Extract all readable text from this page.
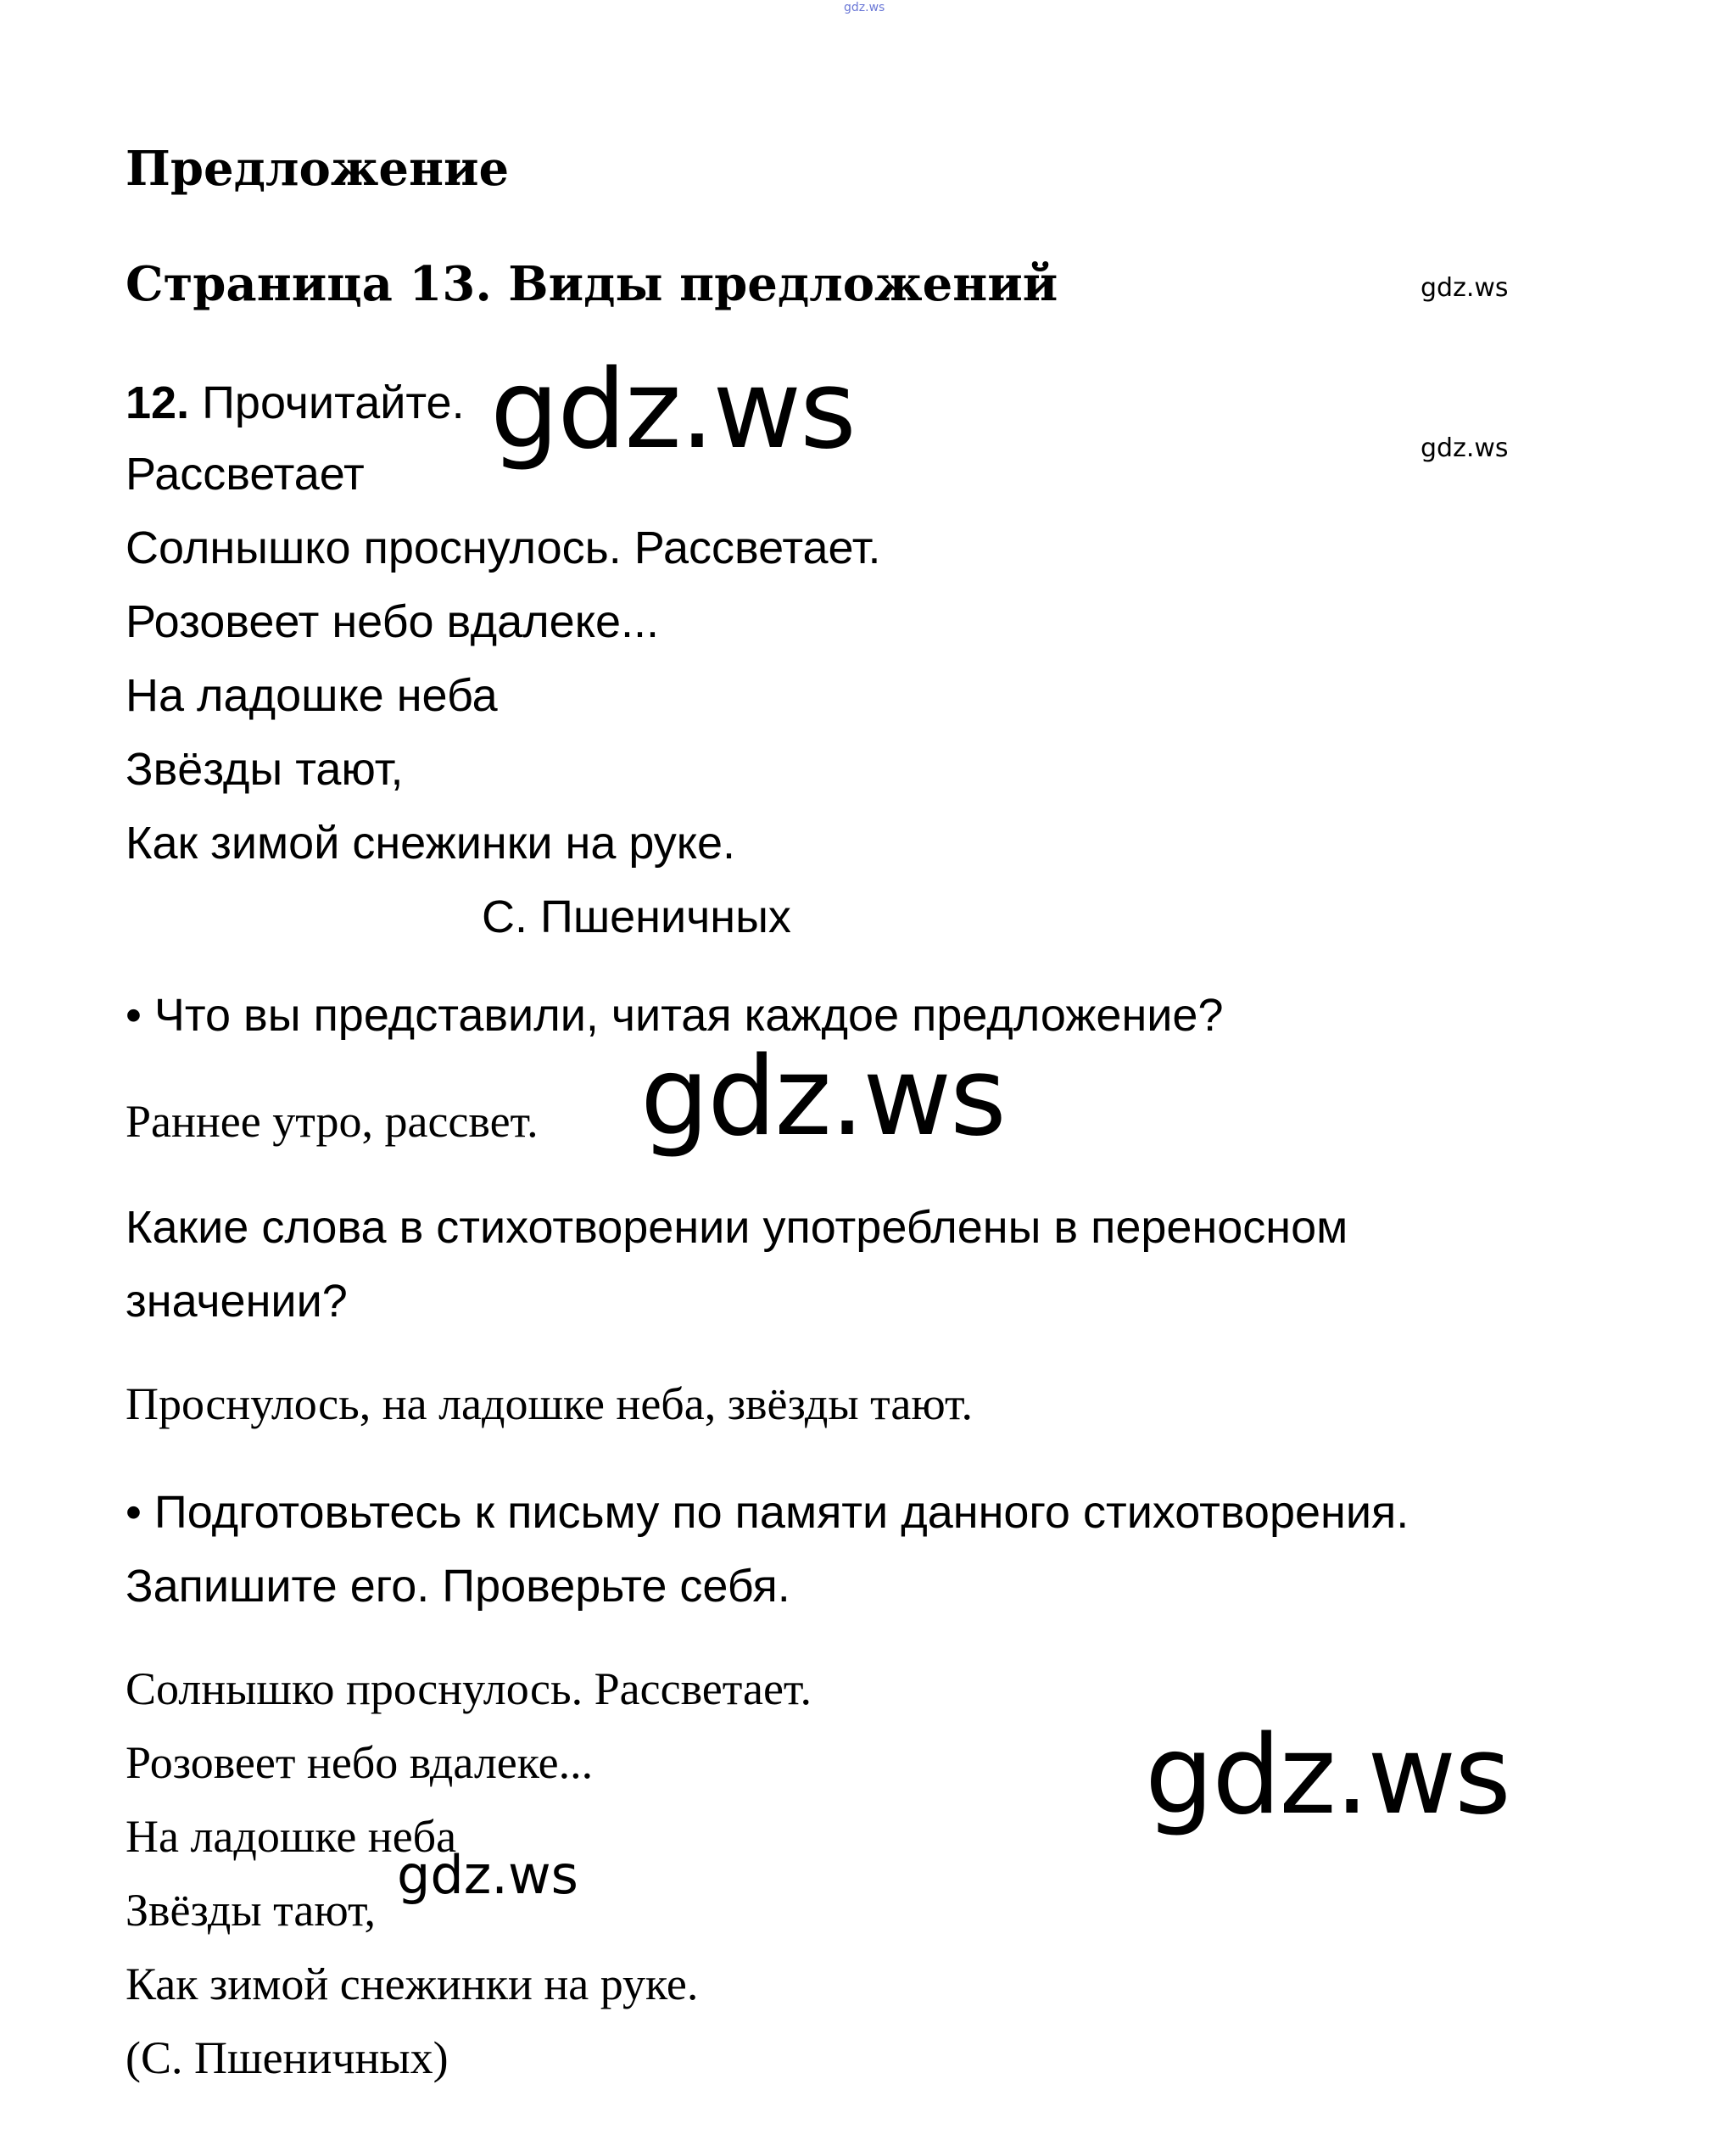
gdz.ws
Предложение
Страница 13. Виды предложений	gdz.ws
gdz.ws
12. Прочитайте. gdz.ws
Рассветает
Солнышко проснулось. Рассветает.
Розовеет небо вдалеке...
На ладошке неба
Звёзды тают,
Как зимой снежинки на руке.
С. Пшеничных
• Что вы представили, читая каждое предложение?
Раннее утро, рассвет. gdz.ws
Какие слова в стихотворении употреблены в переносном
значении?
Проснулось, на ладошке неба, звёзды тают.
• Подготовьтесь к письму по памяти данного стихотворения.
Запишите его. Проверьте себя.
Солнышко проснулось. Рассветает.
Розовеет небо вдалеке...
На ладошке неба
Звёзды тают,
Как зимой снежинки на руке.
(С. Пшеничных)
gdz.ws
gdz.ws
